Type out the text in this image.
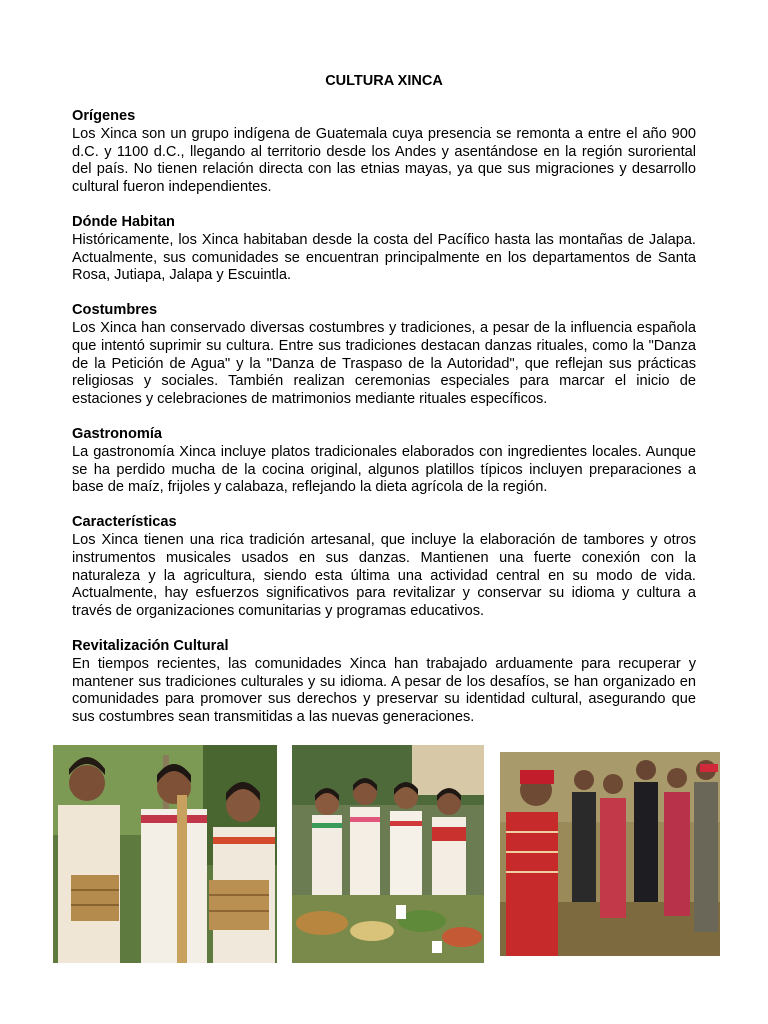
CULTURA XINCA
Orígenes

Los Xinca son un grupo indígena de Guatemala cuya presencia se remonta a entre el año 900 d.C. y 1100 d.C., llegando al territorio desde los Andes y asentándose en la región suroriental del país. No tienen relación directa con las etnias mayas, ya que sus migraciones y desarrollo cultural fueron independientes.

Dónde Habitan

Históricamente, los Xinca habitaban desde la costa del Pacífico hasta las montañas de Jalapa. Actualmente, sus comunidades se encuentran principalmente en los departamentos de Santa Rosa, Jutiapa, Jalapa y Escuintla.

Costumbres

Los Xinca han conservado diversas costumbres y tradiciones, a pesar de la influencia española que intentó suprimir su cultura. Entre sus tradiciones destacan danzas rituales, como la "Danza de la Petición de Agua" y la "Danza de Traspaso de la Autoridad", que reflejan sus prácticas religiosas y sociales. También realizan ceremonias especiales para marcar el inicio de estaciones y celebraciones de matrimonios mediante rituales específicos.

Gastronomía

La gastronomía Xinca incluye platos tradicionales elaborados con ingredientes locales. Aunque se ha perdido mucha de la cocina original, algunos platillos típicos incluyen preparaciones a base de maíz, frijoles y calabaza, reflejando la dieta agrícola de la región.

Características

Los Xinca tienen una rica tradición artesanal, que incluye la elaboración de tambores y otros instrumentos musicales usados en sus danzas. Mantienen una fuerte conexión con la naturaleza y la agricultura, siendo esta última una actividad central en su modo de vida. Actualmente, hay esfuerzos significativos para revitalizar y conservar su idioma y cultura a través de organizaciones comunitarias y programas educativos.

Revitalización Cultural

En tiempos recientes, las comunidades Xinca han trabajado arduamente para recuperar y mantener sus tradiciones culturales y su idioma. A pesar de los desafíos, se han organizado en comunidades para promover sus derechos y preservar su identidad cultural, asegurando que sus costumbres sean transmitidas a las nuevas generaciones.
